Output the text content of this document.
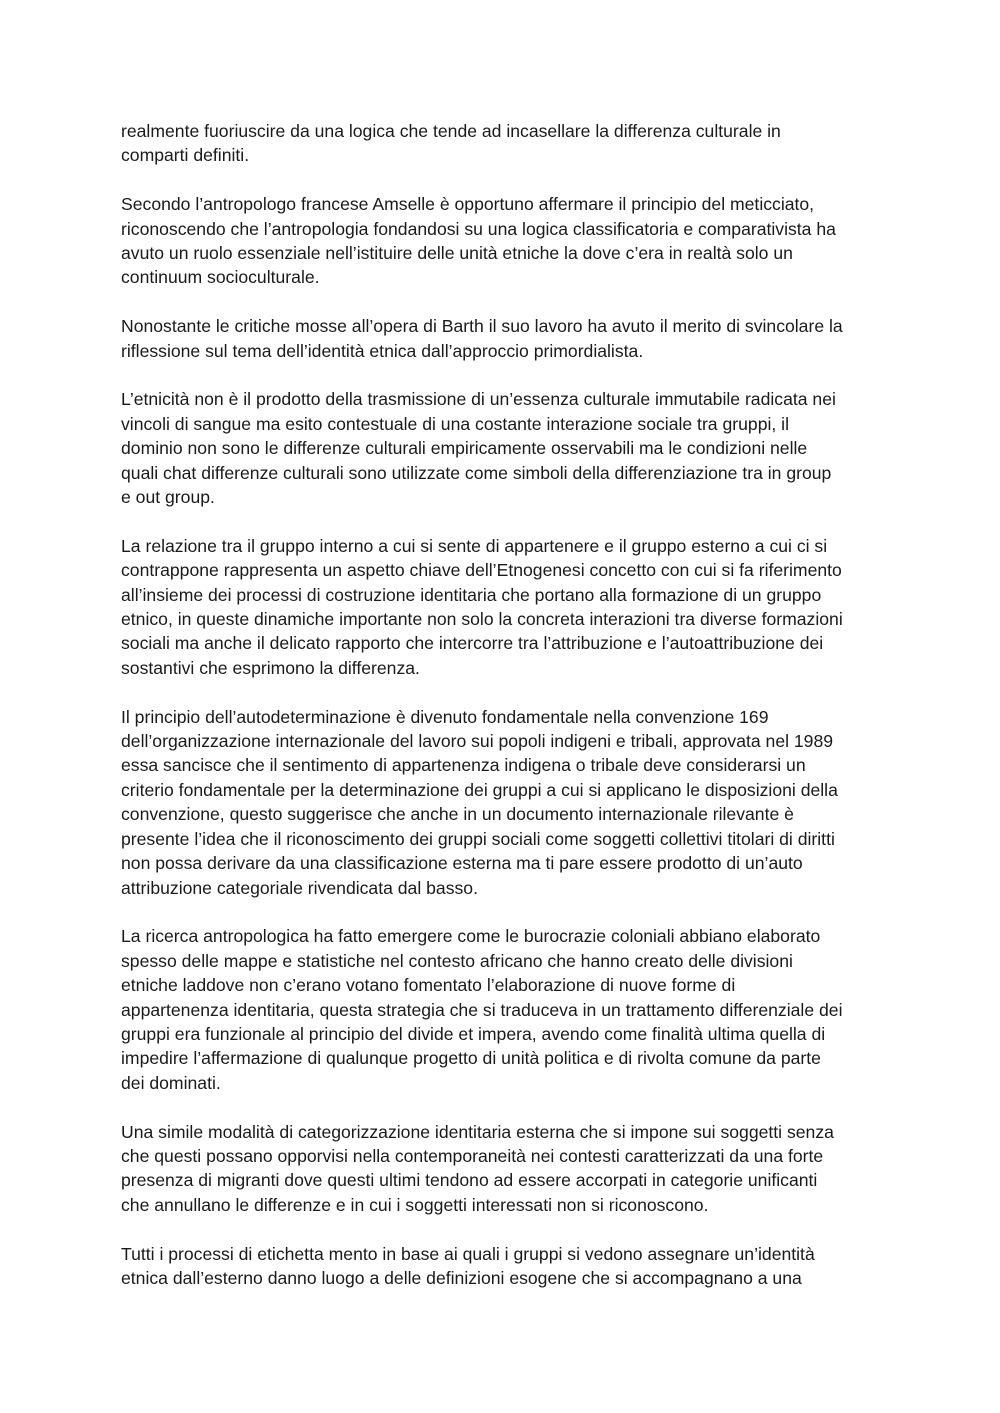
realmente fuoriuscire da una logica che tende ad incasellare la differenza culturale in
comparti definiti.

Secondo l’antropologo francese Amselle è opportuno affermare il principio del meticciato,
riconoscendo che l’antropologia fondandosi su una logica classificatoria e comparativista ha
avuto un ruolo essenziale nell’istituire delle unità etniche la dove c’era in realtà solo un
continuum socioculturale.

Nonostante le critiche mosse all’opera di Barth il suo lavoro ha avuto il merito di svincolare la
riflessione sul tema dell’identità etnica dall’approccio primordialista.

L’etnicità non è il prodotto della trasmissione di un’essenza culturale immutabile radicata nei
vincoli di sangue ma esito contestuale di una costante interazione sociale tra gruppi, il
dominio non sono le differenze culturali empiricamente osservabili ma le condizioni nelle
quali chat differenze culturali sono utilizzate come simboli della differenziazione tra in group
e out group.

La relazione tra il gruppo interno a cui si sente di appartenere e il gruppo esterno a cui ci si
contrappone rappresenta un aspetto chiave dell’Etnogenesi concetto con cui si fa riferimento
all’insieme dei processi di costruzione identitaria che portano alla formazione di un gruppo
etnico, in queste dinamiche importante non solo la concreta interazioni tra diverse formazioni
sociali ma anche il delicato rapporto che intercorre tra l’attribuzione e l’autoattribuzione dei
sostantivi che esprimono la differenza.

Il principio dell’autodeterminazione è divenuto fondamentale nella convenzione 169
dell’organizzazione internazionale del lavoro sui popoli indigeni e tribali, approvata nel 1989
essa sancisce che il sentimento di appartenenza indigena o tribale deve considerarsi un
criterio fondamentale per la determinazione dei gruppi a cui si applicano le disposizioni della
convenzione, questo suggerisce che anche in un documento internazionale rilevante è
presente l’idea che il riconoscimento dei gruppi sociali come soggetti collettivi titolari di diritti
non possa derivare da una classificazione esterna ma ti pare essere prodotto di un’auto
attribuzione categoriale rivendicata dal basso.

La ricerca antropologica ha fatto emergere come le burocrazie coloniali abbiano elaborato
spesso delle mappe e statistiche nel contesto africano che hanno creato delle divisioni
etniche laddove non c’erano votano fomentato l’elaborazione di nuove forme di
appartenenza identitaria, questa strategia che si traduceva in un trattamento differenziale dei
gruppi era funzionale al principio del divide et impera, avendo come finalità ultima quella di
impedire l’affermazione di qualunque progetto di unità politica e di rivolta comune da parte
dei dominati.

Una simile modalità di categorizzazione identitaria esterna che si impone sui soggetti senza
che questi possano opporvisi nella contemporaneità nei contesti caratterizzati da una forte
presenza di migranti dove questi ultimi tendono ad essere accorpati in categorie unificanti
che annullano le differenze e in cui i soggetti interessati non si riconoscono.

Tutti i processi di etichetta mento in base ai quali i gruppi si vedono assegnare un’identità
etnica dall’esterno danno luogo a delle definizioni esogene che si accompagnano a una
